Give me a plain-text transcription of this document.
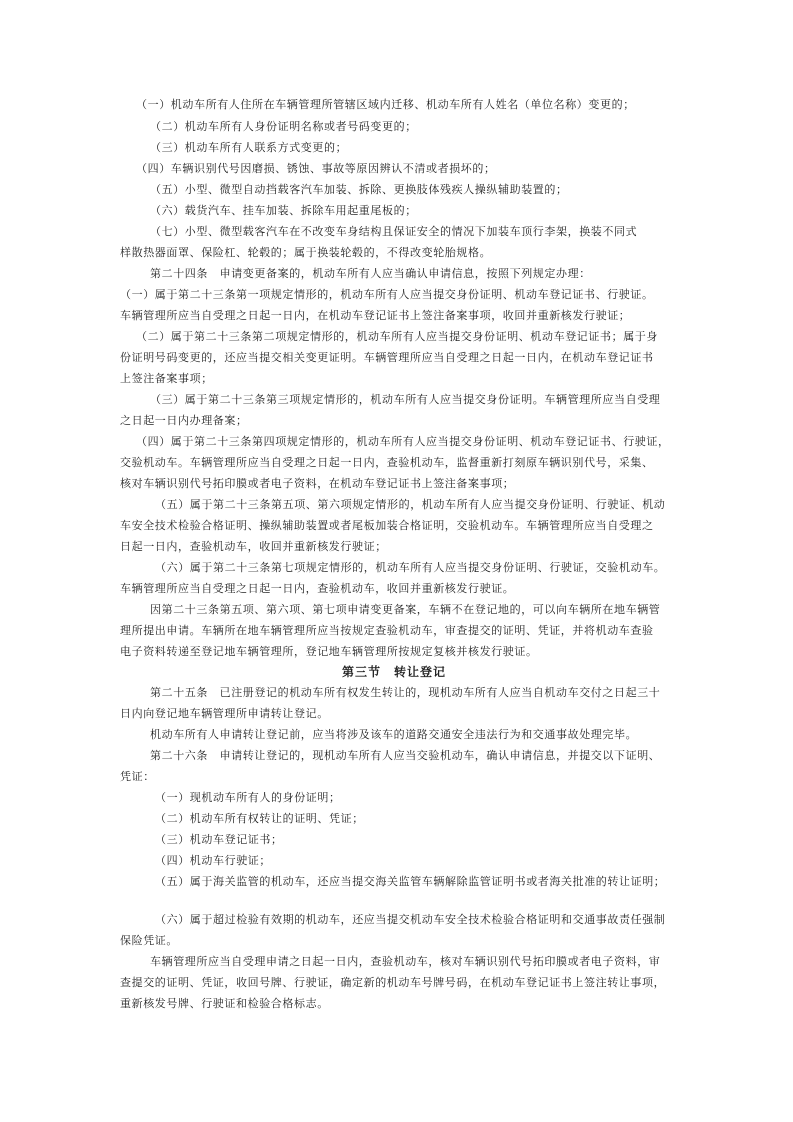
（一）机动车所有人住所在车辆管理所管辖区域内迁移、机动车所有人姓名（单位名称）变更的；
（二）机动车所有人身份证明名称或者号码变更的；
（三）机动车所有人联系方式变更的；
（四）车辆识别代号因磨损、锈蚀、事故等原因辨认不清或者损坏的；
（五）小型、微型自动挡载客汽车加装、拆除、更换肢体残疾人操纵辅助装置的；
（六）载货汽车、挂车加装、拆除车用起重尾板的；
（七）小型、微型载客汽车在不改变车身结构且保证安全的情况下加装车顶行李架，换装不同式
样散热器面罩、保险杠、轮毂的；属于换装轮毂的，不得改变轮胎规格。
第二十四条　申请变更备案的，机动车所有人应当确认申请信息，按照下列规定办理：
（一）属于第二十三条第一项规定情形的，机动车所有人应当提交身份证明、机动车登记证书、行驶证。
车辆管理所应当自受理之日起一日内，在机动车登记证书上签注备案事项，收回并重新核发行驶证；
（二）属于第二十三条第二项规定情形的，机动车所有人应当提交身份证明、机动车登记证书；属于身
份证明号码变更的，还应当提交相关变更证明。车辆管理所应当自受理之日起一日内，在机动车登记证书
上签注备案事项；
（三）属于第二十三条第三项规定情形的，机动车所有人应当提交身份证明。车辆管理所应当自受理
之日起一日内办理备案；
（四）属于第二十三条第四项规定情形的，机动车所有人应当提交身份证明、机动车登记证书、行驶证，
交验机动车。车辆管理所应当自受理之日起一日内，查验机动车，监督重新打刻原车辆识别代号，采集、
核对车辆识别代号拓印膜或者电子资料，在机动车登记证书上签注备案事项；
（五）属于第二十三条第五项、第六项规定情形的，机动车所有人应当提交身份证明、行驶证、机动
车安全技术检验合格证明、操纵辅助装置或者尾板加装合格证明，交验机动车。车辆管理所应当自受理之
日起一日内，查验机动车，收回并重新核发行驶证；
（六）属于第二十三条第七项规定情形的，机动车所有人应当提交身份证明、行驶证，交验机动车。
车辆管理所应当自受理之日起一日内，查验机动车，收回并重新核发行驶证。
因第二十三条第五项、第六项、第七项申请变更备案，车辆不在登记地的，可以向车辆所在地车辆管
理所提出申请。车辆所在地车辆管理所应当按规定查验机动车，审查提交的证明、凭证，并将机动车查验
电子资料转递至登记地车辆管理所，登记地车辆管理所按规定复核并核发行驶证。
第三节　转让登记
第二十五条　已注册登记的机动车所有权发生转让的，现机动车所有人应当自机动车交付之日起三十
日内向登记地车辆管理所申请转让登记。
机动车所有人申请转让登记前，应当将涉及该车的道路交通安全违法行为和交通事故处理完毕。
第二十六条　申请转让登记的，现机动车所有人应当交验机动车，确认申请信息，并提交以下证明、
凭证：
（一）现机动车所有人的身份证明；
（二）机动车所有权转让的证明、凭证；
（三）机动车登记证书；
（四）机动车行驶证；
（五）属于海关监管的机动车，还应当提交海关监管车辆解除监管证明书或者海关批准的转让证明；
（六）属于超过检验有效期的机动车，还应当提交机动车安全技术检验合格证明和交通事故责任强制
保险凭证。
车辆管理所应当自受理申请之日起一日内，查验机动车，核对车辆识别代号拓印膜或者电子资料，审
查提交的证明、凭证，收回号牌、行驶证，确定新的机动车号牌号码，在机动车登记证书上签注转让事项，
重新核发号牌、行驶证和检验合格标志。
